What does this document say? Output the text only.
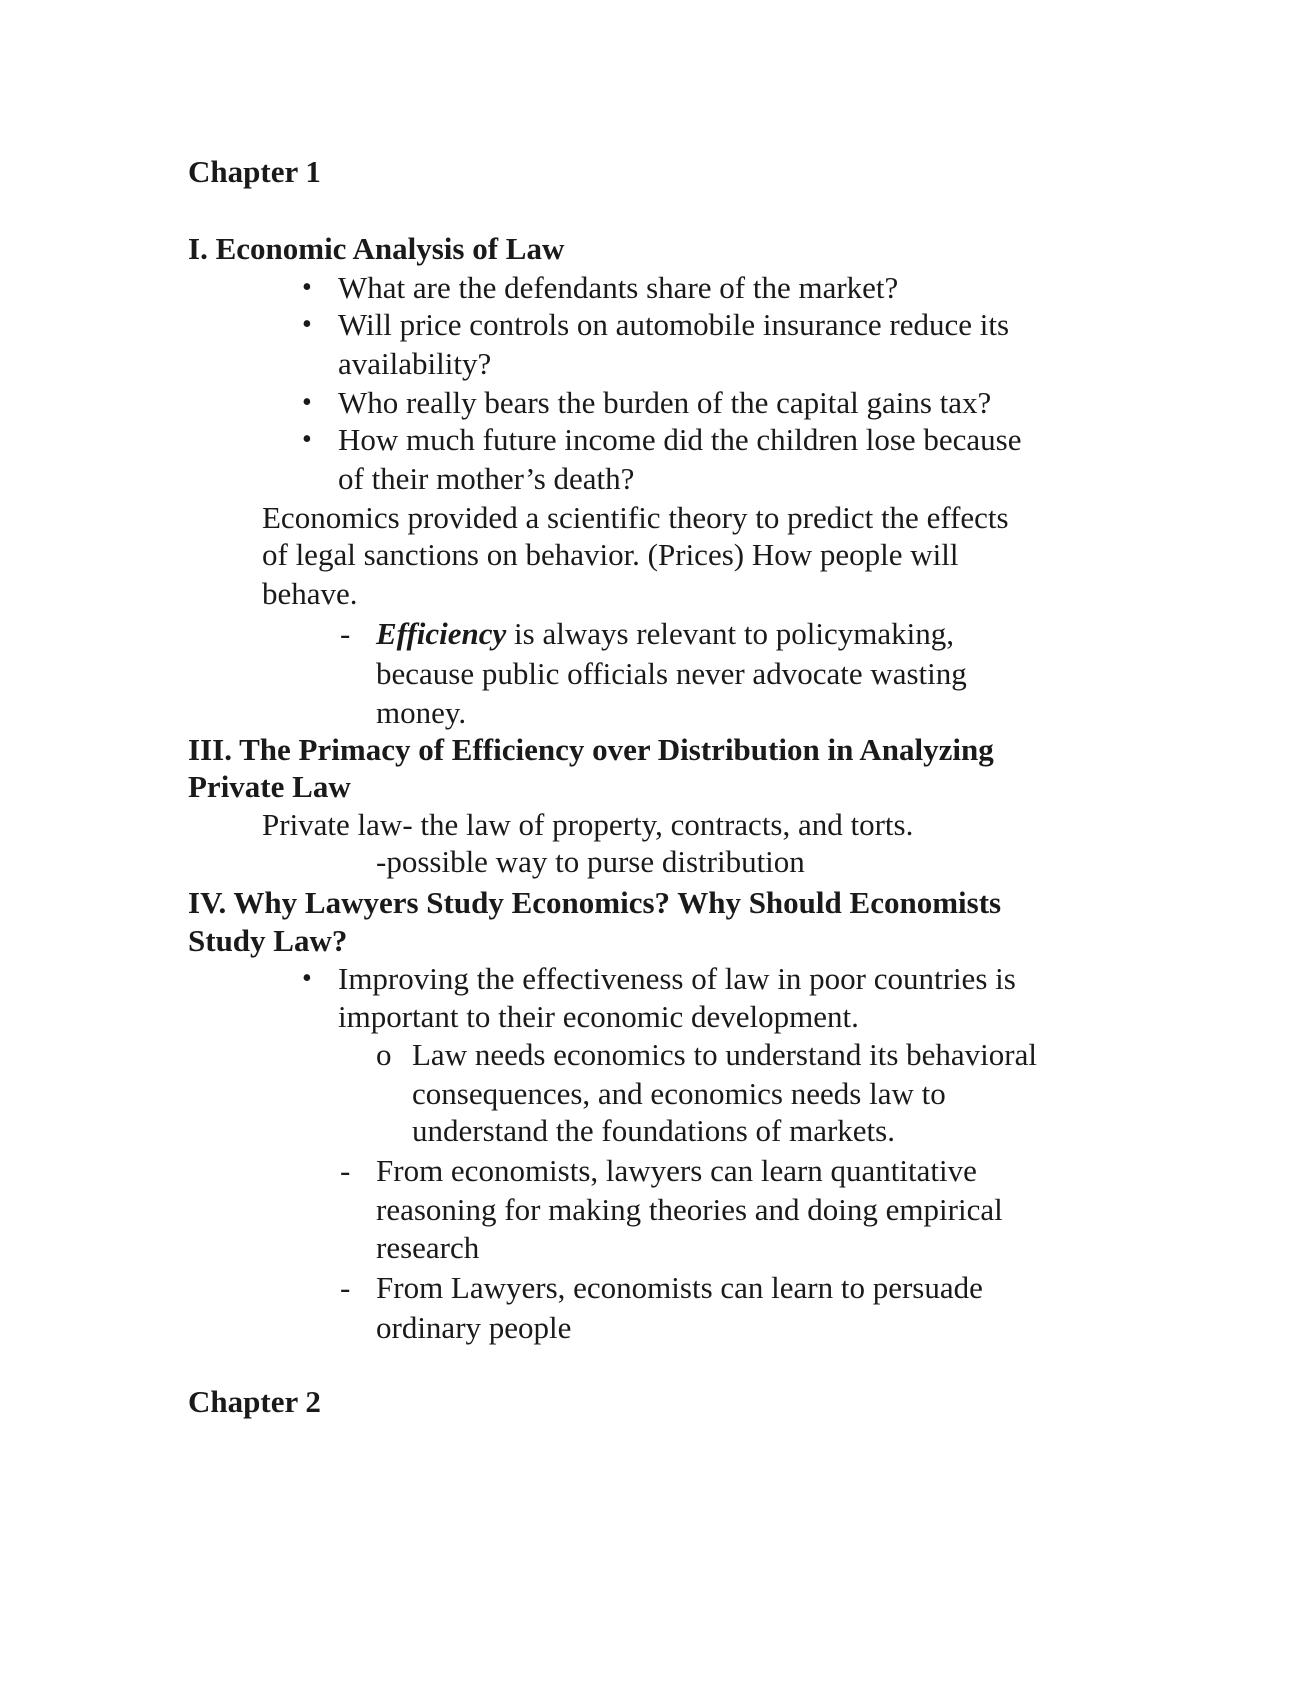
Chapter 1
I. Economic Analysis of Law
• What are the defendants share of the market?
• Will price controls on automobile insurance reduce its
availability?
• Who really bears the burden of the capital gains tax?
• How much future income did the children lose because
of their mother’s death?
Economics provided a scientific theory to predict the effects
of legal sanctions on behavior. (Prices) How people will
behave.
- Efficiency is always relevant to policymaking,
because public officials never advocate wasting
money.
III. The Primacy of Efficiency over Distribution in Analyzing
Private Law
Private law- the law of property, contracts, and torts.
-possible way to purse distribution
IV. Why Lawyers Study Economics? Why Should Economists
Study Law?
• Improving the effectiveness of law in poor countries is
important to their economic development.
o Law needs economics to understand its behavioral
consequences, and economics needs law to
understand the foundations of markets.
- From economists, lawyers can learn quantitative
reasoning for making theories and doing empirical
research
- From Lawyers, economists can learn to persuade
ordinary people
Chapter 2
